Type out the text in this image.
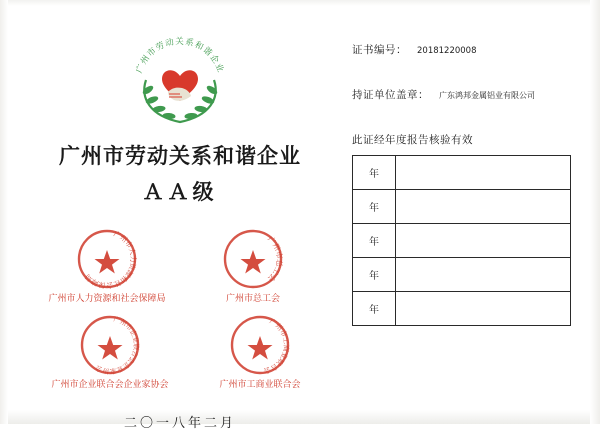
广州市劳动关系和谐企业
广州市劳动关系和谐企业
ＡＡ级
广州市人力资源和社会保障局
广州市人力资源和社会保障局
广州市总工会
广州市总工会
广州市企业联合会企业家协会
广州市企业联合会企业家协会
广州市工商业联合会
广州市工商业联合会
二〇一八年二月
证书编号： 20181220008
持证单位盖章： 广东鸿邦金属铝业有限公司
此证经年度报告核验有效
年	
年	
年	
年	
年	
